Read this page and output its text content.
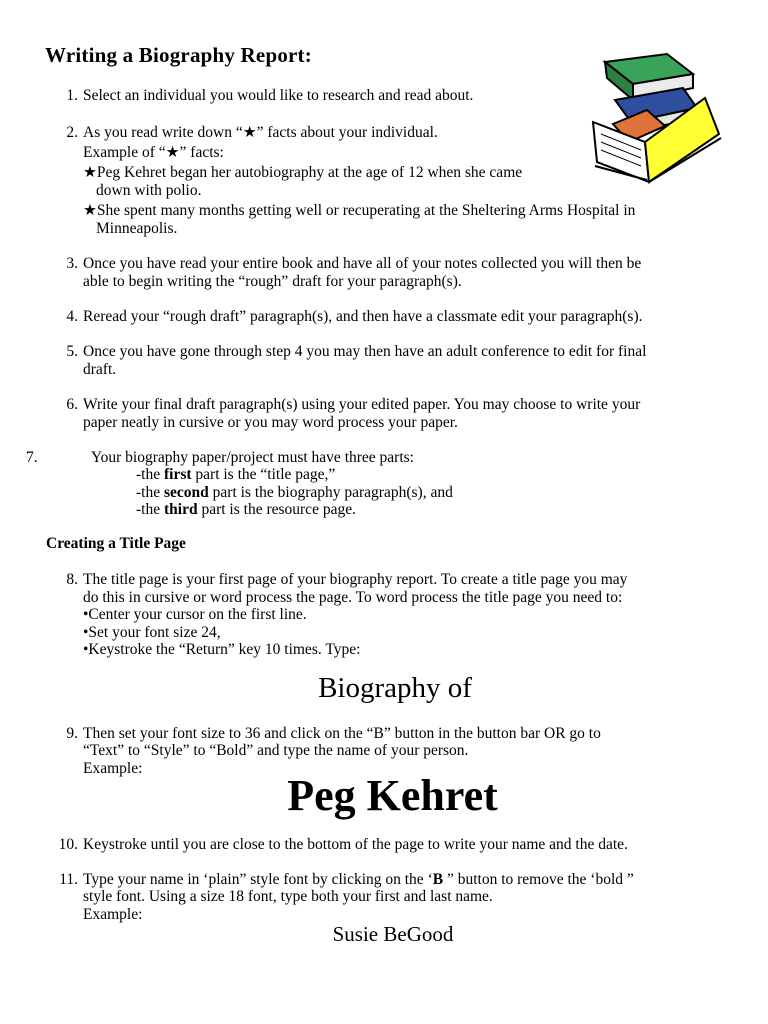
Writing a Biography Report:
1. Select an individual you would like to research and read about.
2. As you read write down “★” facts about your individual.
Example of “★” facts:
★Peg Kehret began her autobiography at the age of 12 when she came
down with polio.
★She spent many months getting well or recuperating at the Sheltering Arms Hospital in
Minneapolis.
3. Once you have read your entire book and have all of your notes collected you will then be
able to begin writing the “rough” draft for your paragraph(s).
4. Reread your “rough draft” paragraph(s), and then have a classmate edit your paragraph(s).
5. Once you have gone through step 4 you may then have an adult conference to edit for final
draft.
6. Write your final draft paragraph(s) using your edited paper. You may choose to write your
paper neatly in cursive or you may word process your paper.
7.	Your biography paper/project must have three parts:
-the first part is the “title page,”
-the second part is the biography paragraph(s), and
-the third part is the resource page.
Creating a Title Page
8. The title page is your first page of your biography report. To create a title page you may
do this in cursive or word process the page. To word process the title page you need to:
•Center your cursor on the first line.
•Set your font size 24,
•Keystroke the “Return” key 10 times. Type:
Biography of
9. Then set your font size to 36 and click on the “B” button in the button bar OR go to
“Text” to “Style” to “Bold” and type the name of your person.
Example:
Peg Kehret
10. Keystroke until you are close to the bottom of the page to write your name and the date.
11. Type your name in ‘plain” style font by clicking on the ‘B ” button to remove the ‘bold ”
style font. Using a size 18 font, type both your first and last name.
Example:
Susie BeGood
